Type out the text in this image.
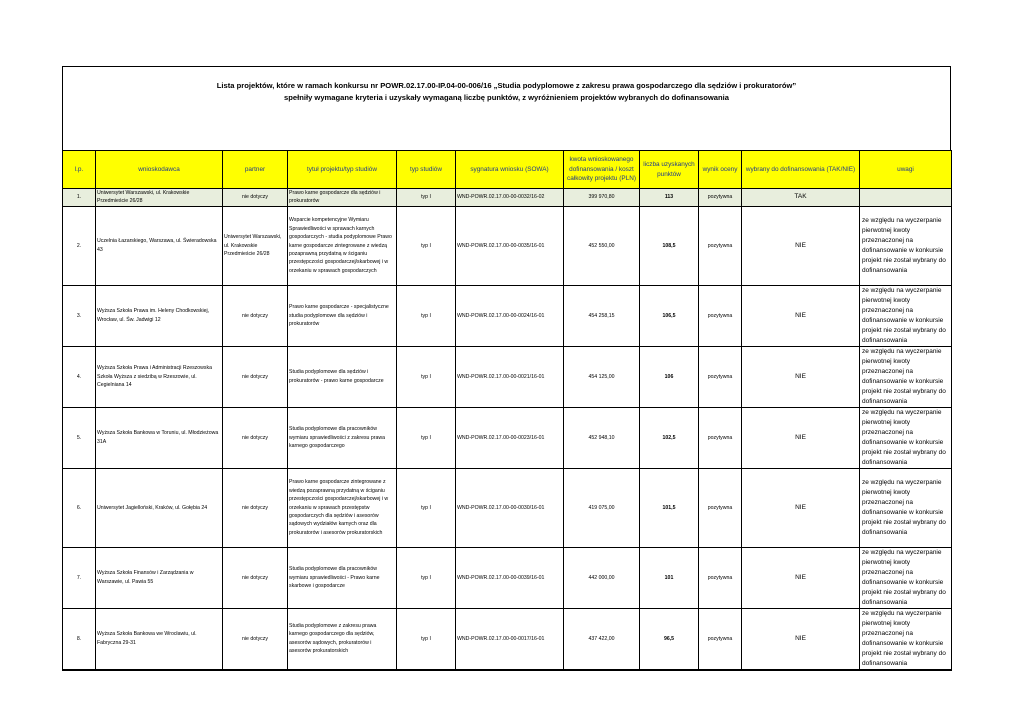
Lista projektów, które w ramach konkursu nr POWR.02.17.00-IP.04-00-006/16 „Studia podyplomowe z zakresu prawa gospodarczego dla sędziów i prokuratorów”
spełniły wymagane kryteria i uzyskały wymaganą liczbę punktów, z wyróżnieniem projektów wybranych do dofinansowania
l.p.	wnioskodawca	partner	tytuł projektu/typ studiów	typ studiów	sygnatura wniosku (SOWA)	kwota wnioskowanego dofinansowania / koszt całkowity projektu (PLN)	liczba uzyskanych punktów	wynik oceny	wybrany do dofinansowania (TAK/NIE)	uwagi
1.	Uniwersytet Warszawski, ul. Krakowskie Przedmieście 26/28	nie dotyczy	Prawo karne gospodarcze dla sędziów i prokuratorów	typ I	WND-POWR.02.17.00-00-0032/16-02	399 970,80	113	pozytywna	TAK	
2.	Uczelnia Łazarskiego, Warszawa, ul. Świeradowska 43	Uniwersytet Warszawski, ul. Krakowskie Przedmieście 26/28	Wsparcie kompetencyjne Wymiaru Sprawiedliwości w sprawach karnych gospodarczych - studia podyplomowe Prawo karne gospodarcze zintegrowane z wiedzą pozaprawną przydatną w ściganiu przestępczości gospodarczej/skarbowej i w orzekaniu w sprawach gospodarczych	typ I	WND-POWR.02.17.00-00-0035/16-01	452 550,00	108,5	pozytywna	NIE	ze względu na wyczerpanie pierwotnej kwoty przeznaczonej na dofinansowanie w konkursie projekt nie został wybrany do dofinansowania
3.	Wyższa Szkoła Prawa im. Heleny Chodkowskiej, Wrocław, ul. Św. Jadwigi 12	nie dotyczy	Prawo karne gospodarcze - specjalistyczne studia podyplomowe dla sędziów i prokuratorów	typ I	WND-POWR.02.17.00-00-0024/16-01	454 258,15	106,5	pozytywna	NIE	ze względu na wyczerpanie pierwotnej kwoty przeznaczonej na dofinansowanie w konkursie projekt nie został wybrany do dofinansowania
4.	Wyższa Szkoła Prawa i Administracji Rzeszowska Szkoła Wyższa z siedzibą w Rzeszowie, ul. Cegielniana 14	nie dotyczy	Studia podyplomowe dla sędziów i prokuratorów - prawo karne gospodarcze	typ I	WND-POWR.02.17.00-00-0021/16-01	454 125,00	106	pozytywna	NIE	ze względu na wyczerpanie pierwotnej kwoty przeznaczonej na dofinansowanie w konkursie projekt nie został wybrany do dofinansowania
5.	Wyższa Szkoła Bankowa w Toruniu, ul. Młodzieżowa 31A	nie dotyczy	Studia podyplomowe dla pracowników wymiaru sprawiedliwości z zakresu prawa karnego gospodarczego	typ I	WND-POWR.02.17.00-00-0023/16-01	452 948,10	102,5	pozytywna	NIE	ze względu na wyczerpanie pierwotnej kwoty przeznaczonej na dofinansowanie w konkursie projekt nie został wybrany do dofinansowania
6.	Uniwersytet Jagielloński, Kraków, ul. Gołębia 24	nie dotyczy	Prawo karne gospodarcze zintegrowane z wiedzą pozaprawną przydatną w ściganiu przestępczości gospodarczej/skarbowej i w orzekaniu w sprawach przestępstw gospodarczych dla sędziów i asesorów sądowych wydziałów karnych oraz dla prokuratorów i asesorów prokuratorskich	typ I	WND-POWR.02.17.00-00-0030/16-01	419 075,00	101,5	pozytywna	NIE	ze względu na wyczerpanie pierwotnej kwoty przeznaczonej na dofinansowanie w konkursie projekt nie został wybrany do dofinansowania
7.	Wyższa Szkoła Finansów i Zarządzania w Warszawie, ul. Pawia 55	nie dotyczy	Studia podyplomowe dla pracowników wymiaru sprawiedliwości - Prawo karne skarbowe i gospodarcze	typ I	WND-POWR.02.17.00-00-0039/16-01	442 000,00	101	pozytywna	NIE	ze względu na wyczerpanie pierwotnej kwoty przeznaczonej na dofinansowanie w konkursie projekt nie został wybrany do dofinansowania
8.	Wyższa Szkoła Bankowa we Wrocławiu, ul. Fabryczna 29-31	nie dotyczy	Studia podyplomowe z zakresu prawa karnego gospodarczego dla sędziów, asesorów sądowych, prokuratorów i asesorów prokuratorskich	typ I	WND-POWR.02.17.00-00-0017/16-01	437 422,00	96,5	pozytywna	NIE	ze względu na wyczerpanie pierwotnej kwoty przeznaczonej na dofinansowanie w konkursie projekt nie został wybrany do dofinansowania
